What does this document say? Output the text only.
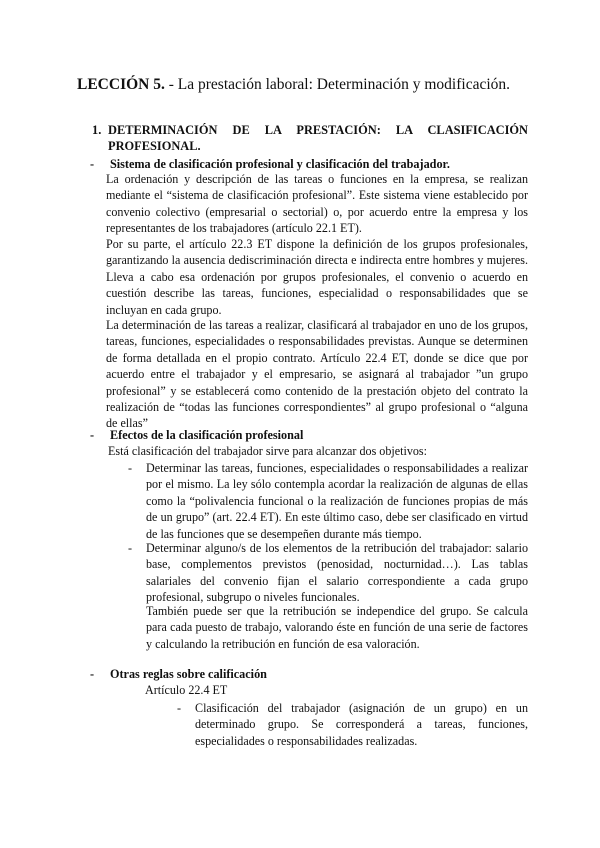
LECCIÓN 5. - La prestación laboral: Determinación y modificación.
1. DETERMINACIÓN DE LA PRESTACIÓN: LA CLASIFICACIÓN PROFESIONAL.
- Sistema de clasificación profesional y clasificación del trabajador.
La ordenación y descripción de las tareas o funciones en la empresa, se realizan mediante el “sistema de clasificación profesional”. Este sistema viene establecido por convenio colectivo (empresarial o sectorial) o, por acuerdo entre la empresa y los representantes de los trabajadores (artículo 22.1 ET).
Por su parte, el artículo 22.3 ET dispone la definición de los grupos profesionales, garantizando la ausencia dediscriminación directa e indirecta entre hombres y mujeres. Lleva a cabo esa ordenación por grupos profesionales, el convenio o acuerdo en cuestión describe las tareas, funciones, especialidad o responsabilidades que se incluyan en cada grupo.
La determinación de las tareas a realizar, clasificará al trabajador en uno de los grupos, tareas, funciones, especialidades o responsabilidades previstas. Aunque se determinen de forma detallada en el propio contrato. Artículo 22.4 ET, donde se dice que por acuerdo entre el trabajador y el empresario, se asignará al trabajador ”un grupo profesional” y se establecerá como contenido de la prestación objeto del contrato la realización de “todas las funciones correspondientes” al grupo profesional o “alguna de ellas”
- Efectos de la clasificación profesional
Está clasificación del trabajador sirve para alcanzar dos objetivos:
- Determinar las tareas, funciones, especialidades o responsabilidades a realizar por el mismo. La ley sólo contempla acordar la realización de algunas de ellas como la “polivalencia funcional o la realización de funciones propias de más de un grupo” (art. 22.4 ET). En este último caso, debe ser clasificado en virtud de las funciones que se desempeñen durante más tiempo.
- Determinar alguno/s de los elementos de la retribución del trabajador: salario base, complementos previstos (penosidad, nocturnidad…). Las tablas salariales del convenio fijan el salario correspondiente a cada grupo profesional, subgrupo o niveles funcionales.
También puede ser que la retribución se independice del grupo. Se calcula para cada puesto de trabajo, valorando éste en función de una serie de factores y calculando la retribución en función de esa valoración.
- Otras reglas sobre calificación
Artículo 22.4 ET
- Clasificación del trabajador (asignación de un grupo) en un determinado grupo. Se corresponderá a tareas, funciones, especialidades o responsabilidades realizadas.
